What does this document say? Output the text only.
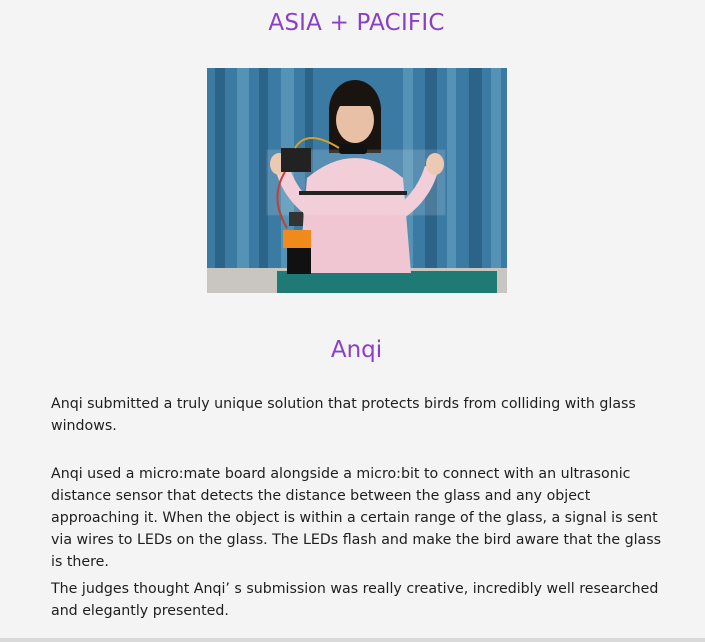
ASIA + PACIFIC
Anqi

Anqi submitted a truly unique solution that protects birds from colliding with glass windows.

Anqi used a micro:mate board alongside a micro:bit to connect with an ultrasonic distance sensor that detects the distance between the glass and any object approaching it. When the object is within a certain range of the glass, a signal is sent via wires to LEDs on the glass. The LEDs flash and make the bird aware that the glass is there.

The judges thought Anqi’ s submission was really creative, incredibly well researched and elegantly presented.
